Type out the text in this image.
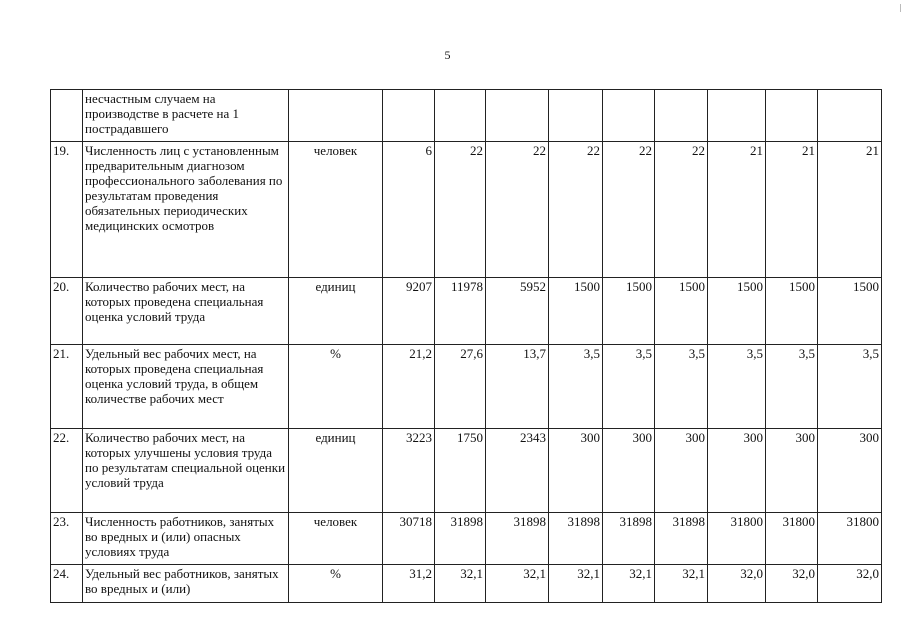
5
	несчастным случаем на производстве в расчете на 1 пострадавшего										
19.	Численность лиц с установленным предварительным диагнозом профессионального заболевания по результатам проведения обязательных периодических медицинских осмотров	человек	6	22	22	22	22	22	21	21	21
20.	Количество рабочих мест, на которых проведена специальная оценка условий труда	единиц	9207	11978	5952	1500	1500	1500	1500	1500	1500
21.	Удельный вес рабочих мест, на которых проведена специальная оценка условий труда, в общем количестве рабочих мест	%	21,2	27,6	13,7	3,5	3,5	3,5	3,5	3,5	3,5
22.	Количество рабочих мест, на которых улучшены условия труда по результатам специальной оценки условий труда	единиц	3223	1750	2343	300	300	300	300	300	300
23.	Численность работников, занятых во вредных и (или) опасных условиях труда	человек	30718	31898	31898	31898	31898	31898	31800	31800	31800
24.	Удельный вес работников, занятых во вредных и (или)	%	31,2	32,1	32,1	32,1	32,1	32,1	32,0	32,0	32,0
